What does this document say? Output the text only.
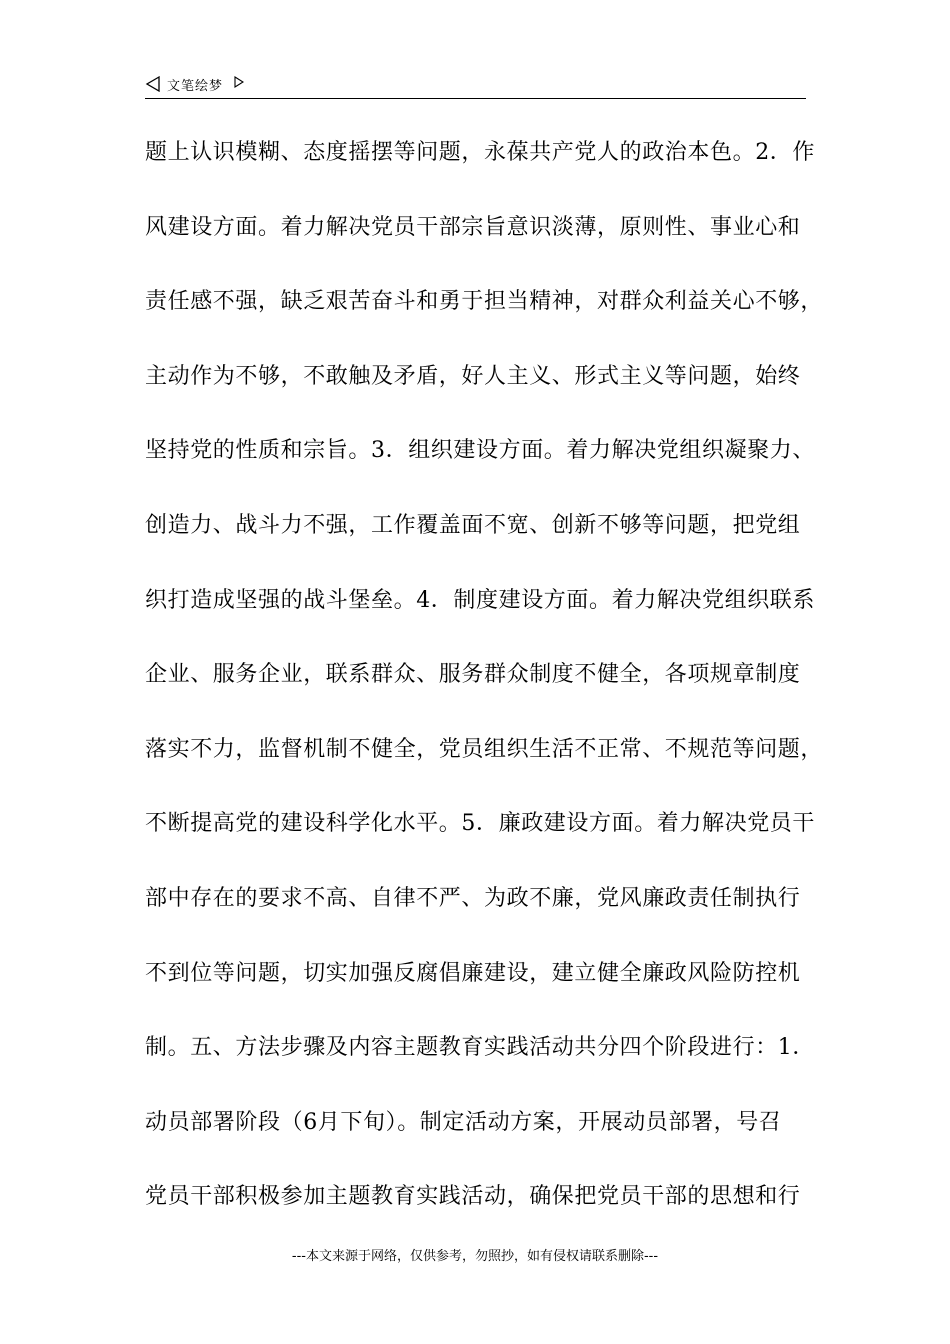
文笔绘梦
题上认识模糊、态度摇摆等问题，永葆共产党人的政治本色。2．作
风建设方面。着力解决党员干部宗旨意识淡薄，原则性、事业心和
责任感不强，缺乏艰苦奋斗和勇于担当精神，对群众利益关心不够，
主动作为不够，不敢触及矛盾，好人主义、形式主义等问题，始终
坚持党的性质和宗旨。3．组织建设方面。着力解决党组织凝聚力、
创造力、战斗力不强，工作覆盖面不宽、创新不够等问题，把党组
织打造成坚强的战斗堡垒。4．制度建设方面。着力解决党组织联系
企业、服务企业，联系群众、服务群众制度不健全，各项规章制度
落实不力，监督机制不健全，党员组织生活不正常、不规范等问题，
不断提高党的建设科学化水平。5．廉政建设方面。着力解决党员干
部中存在的要求不高、自律不严、为政不廉，党风廉政责任制执行
不到位等问题，切实加强反腐倡廉建设，建立健全廉政风险防控机
制。五、方法步骤及内容主题教育实践活动共分四个阶段进行：1．
动员部署阶段（6月下旬）。制定活动方案，开展动员部署，号召
党员干部积极参加主题教育实践活动，确保把党员干部的思想和行
---本文来源于网络，仅供参考，勿照抄，如有侵权请联系删除---
